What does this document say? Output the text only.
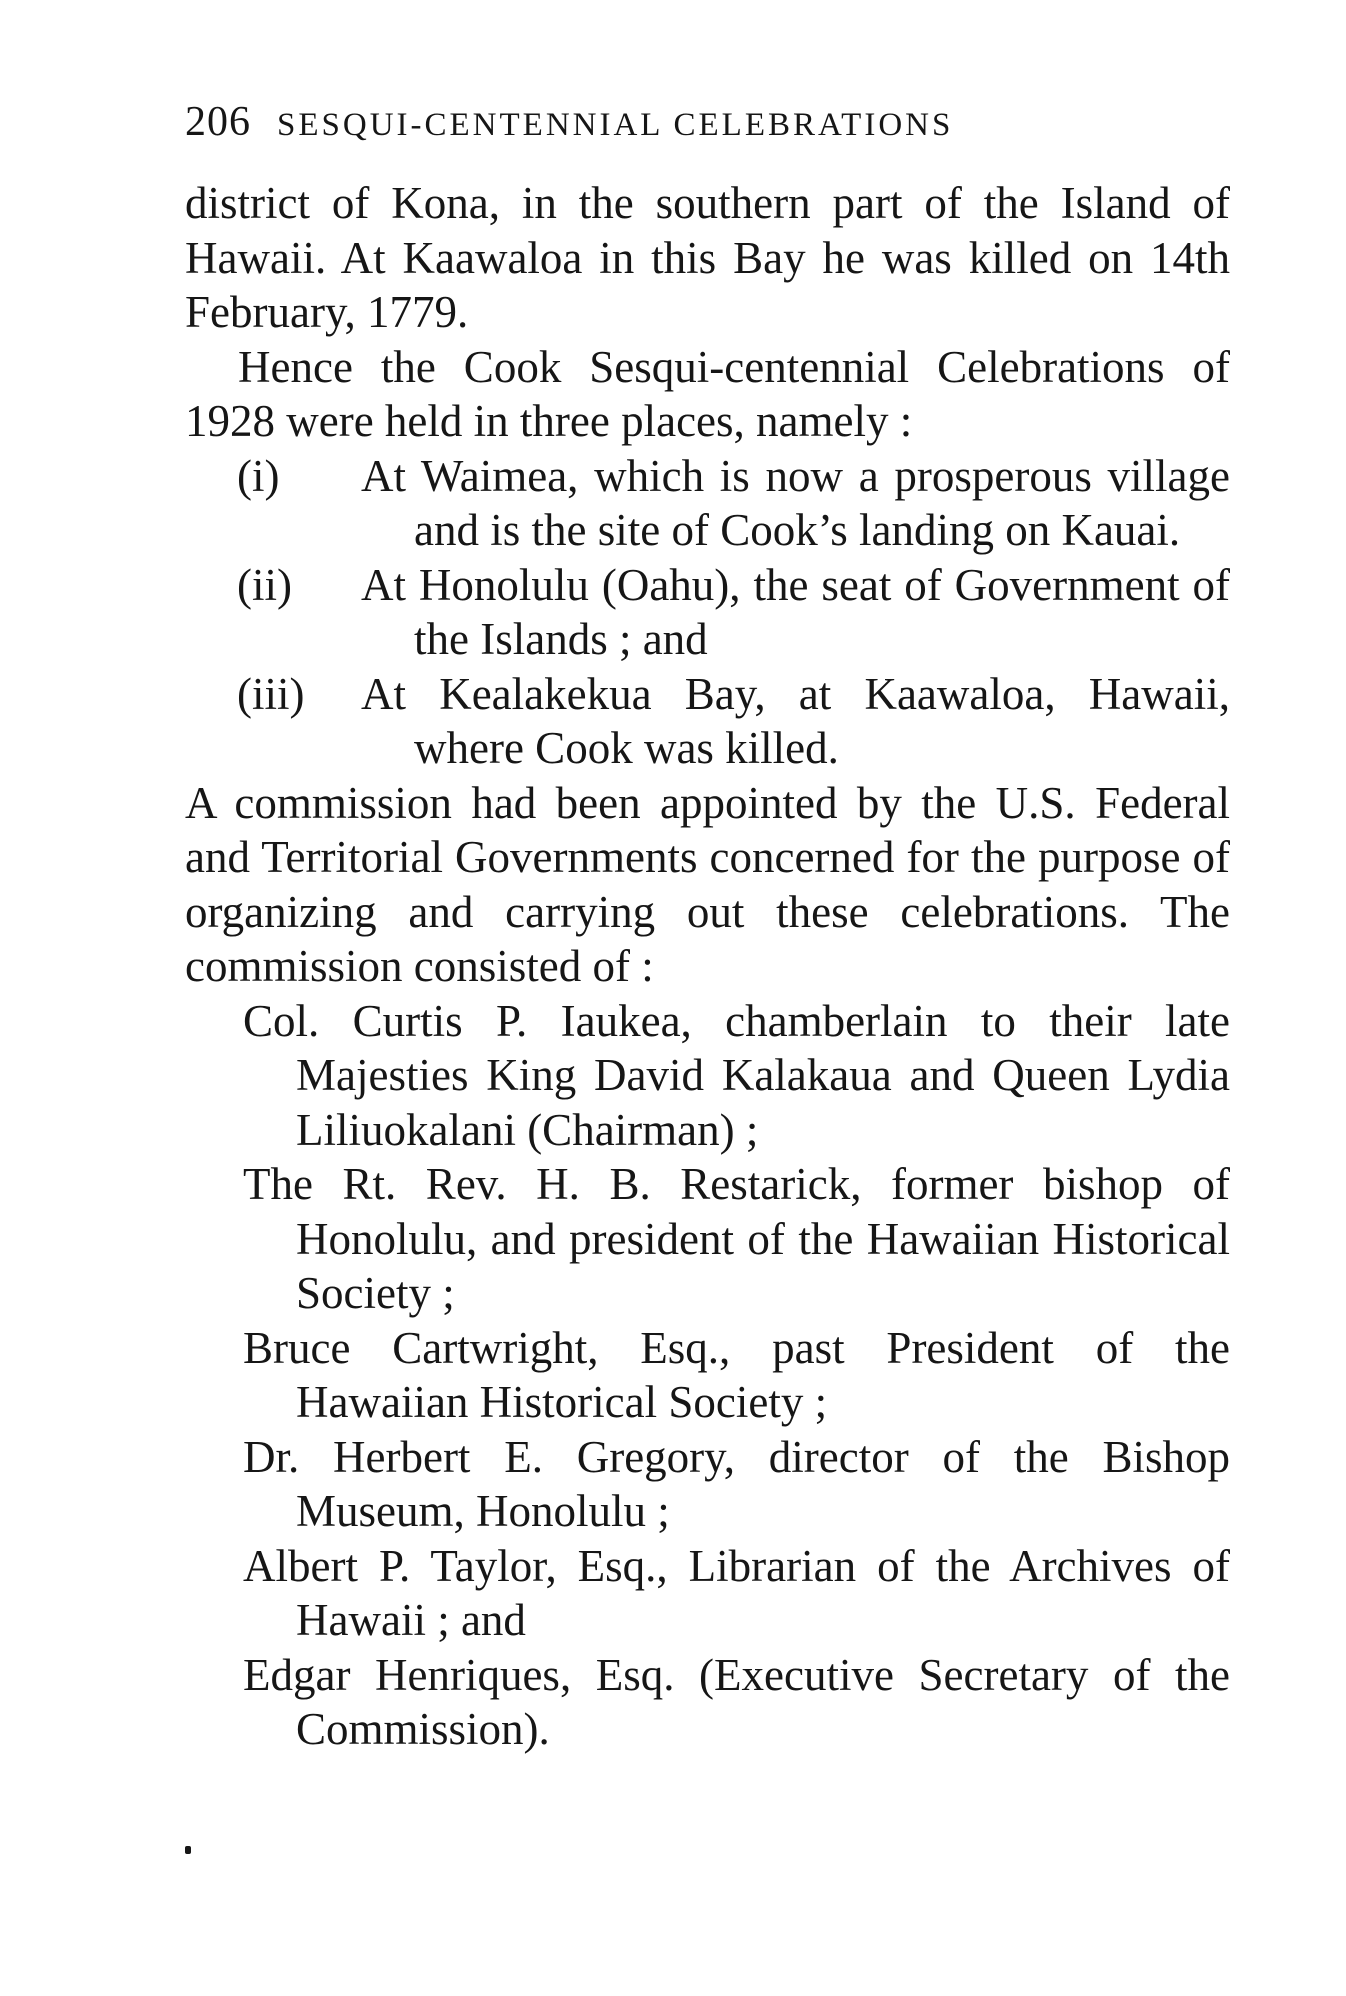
206 SESQUI-CENTENNIAL CELEBRATIONS

district of Kona, in the southern part of the Island of Hawaii. At Kaawaloa in this Bay he was killed on 14th February, 1779.

Hence the Cook Sesqui-centennial Celebrations of 1928 were held in three places, namely :

(i)	At Waimea, which is now a prosperous village and is the site of Cook’s landing on Kauai.

(ii)	At Honolulu (Oahu), the seat of Government of the Islands ; and

(iii)	At Kealakekua Bay, at Kaawaloa, Hawaii, where Cook was killed.

A commission had been appointed by the U.S. Federal and Territorial Governments concerned for the purpose of organizing and carrying out these celebrations. The commission consisted of :

Col. Curtis P. Iaukea, chamberlain to their late Majesties King David Kalakaua and Queen Lydia Liliuokalani (Chairman) ;

The Rt. Rev. H. B. Restarick, former bishop of Honolulu, and president of the Hawaiian Historical Society ;

Bruce Cartwright, Esq., past President of the Hawaiian Historical Society ;

Dr. Herbert E. Gregory, director of the Bishop Museum, Honolulu ;

Albert P. Taylor, Esq., Librarian of the Archives of Hawaii ; and

Edgar Henriques, Esq. (Executive Secretary of the Commission).
